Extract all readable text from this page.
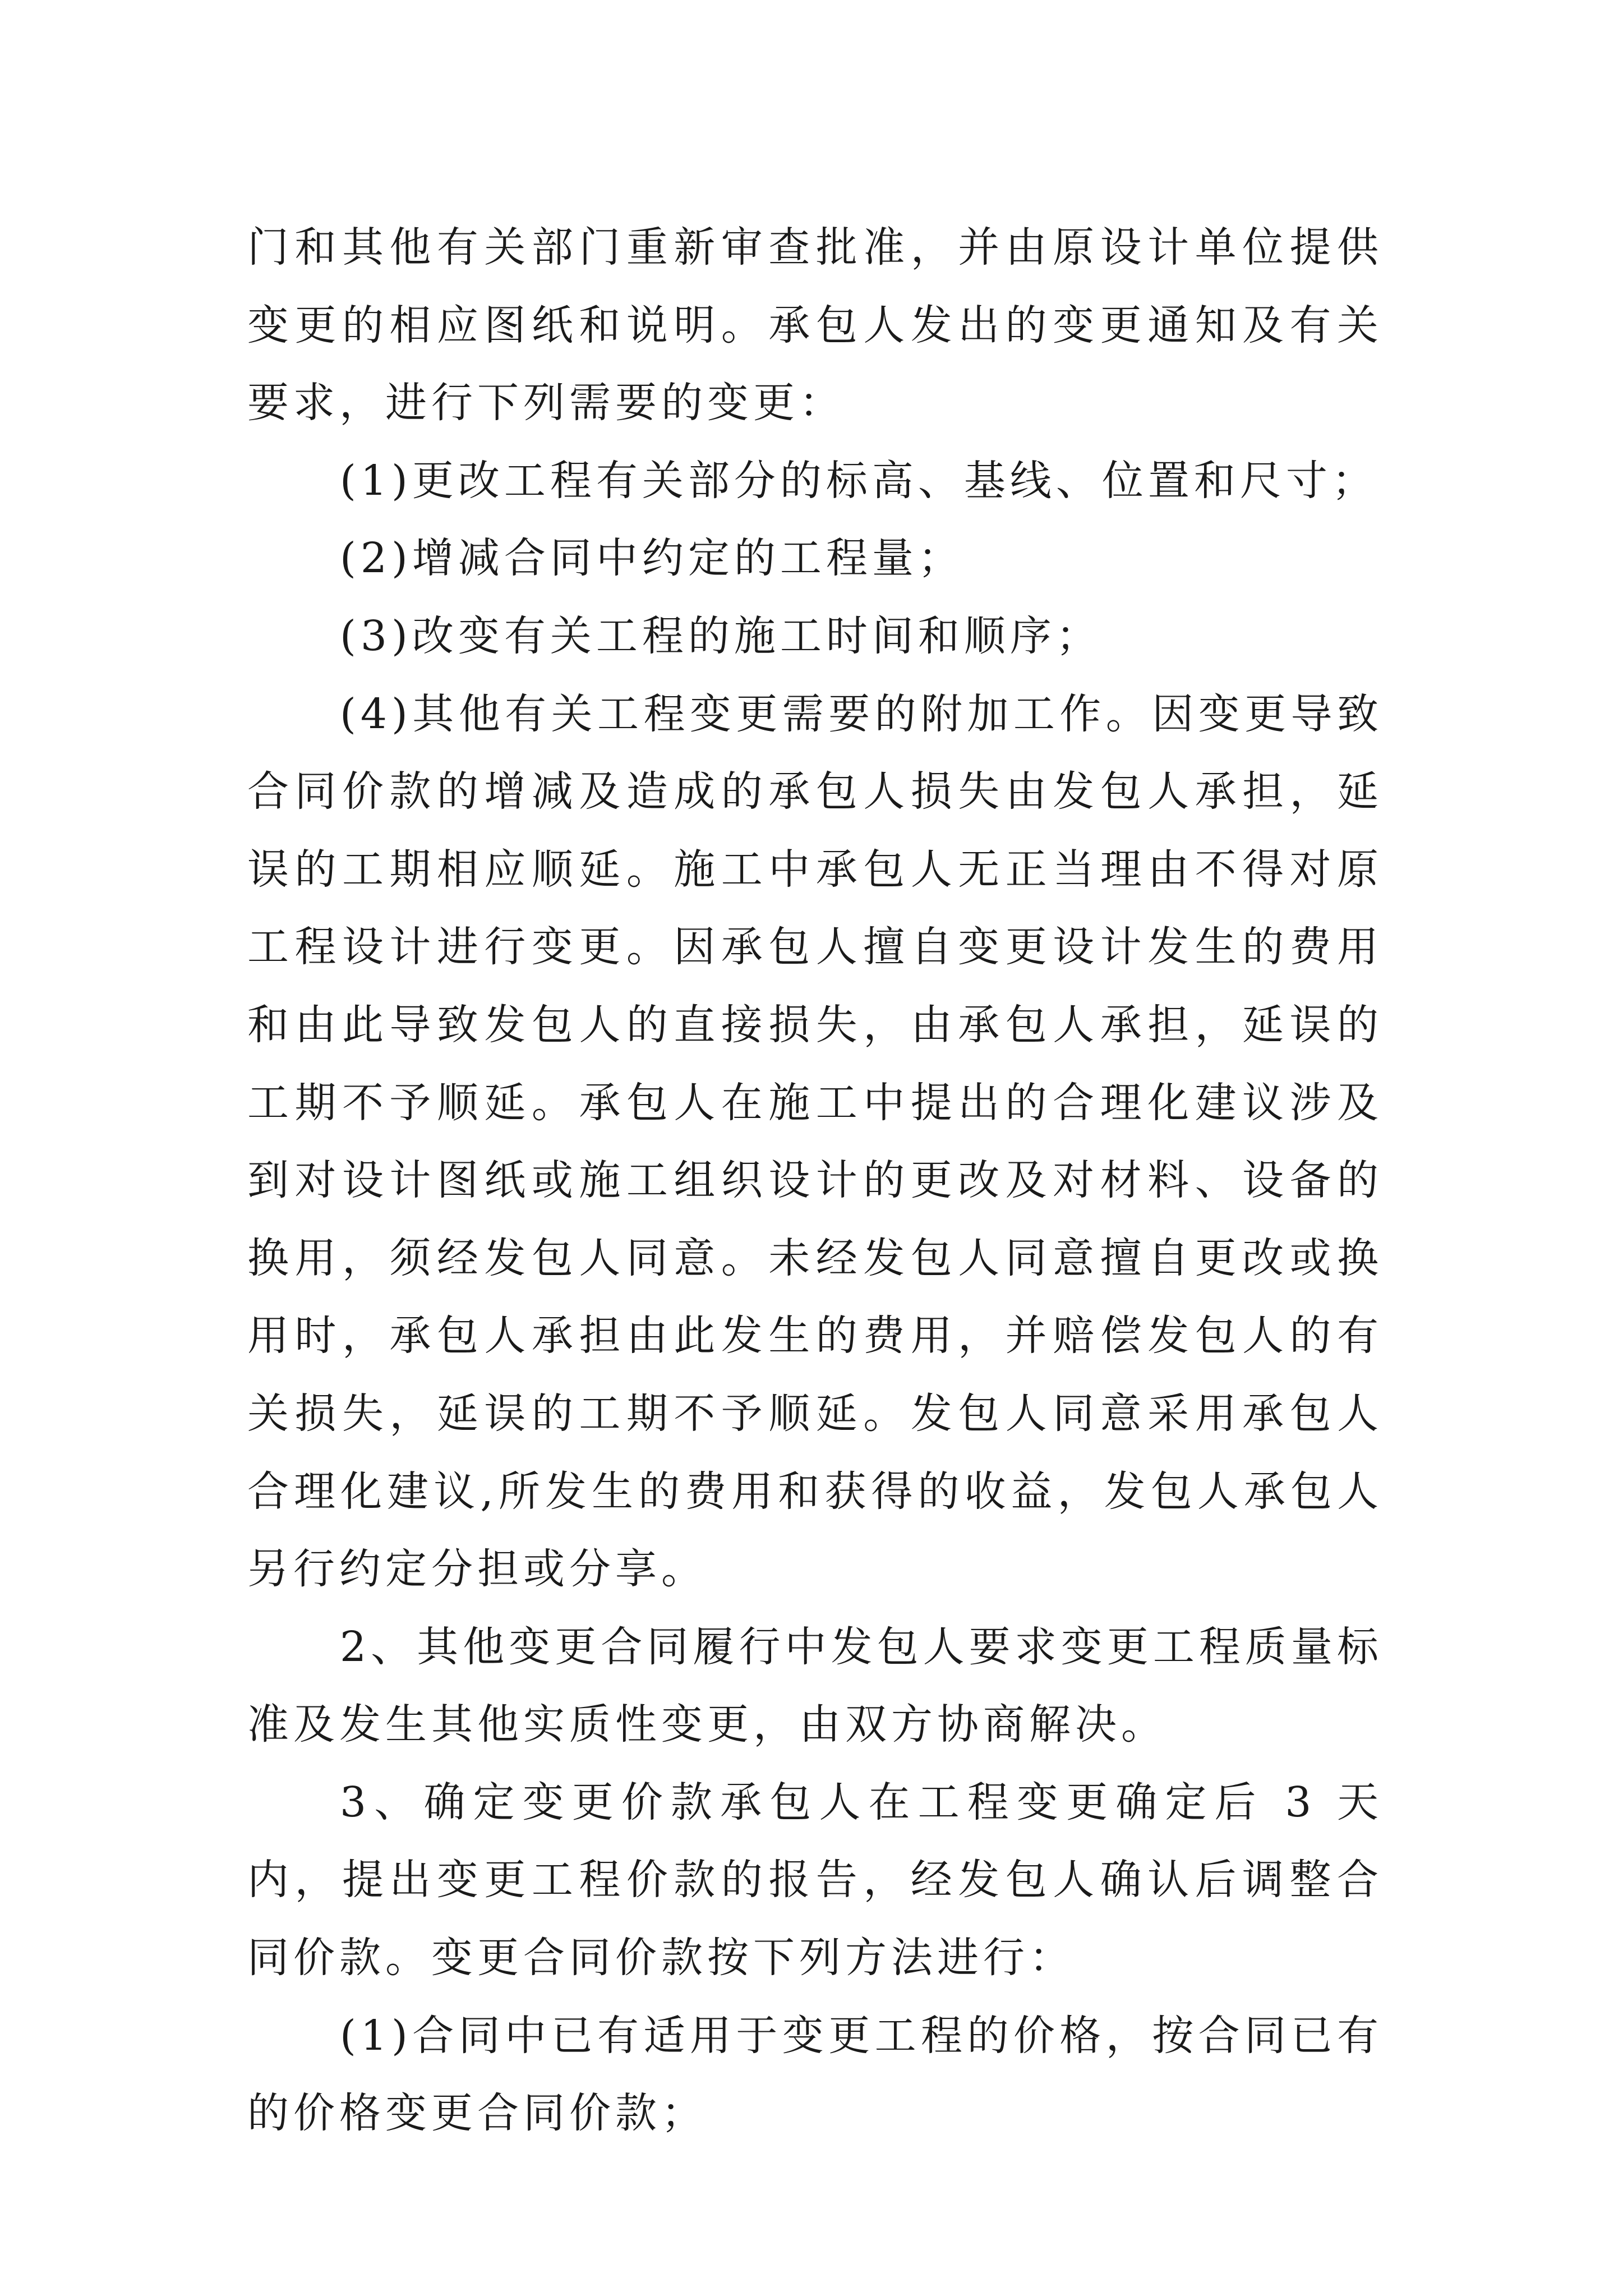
门和其他有关部门重新审查批准，并由原设计单位提供变更的相应图纸和说明。承包人发出的变更通知及有关要求，进行下列需要的变更：

(1)更改工程有关部分的标高、基线、位置和尺寸；

(2)增减合同中约定的工程量；

(3)改变有关工程的施工时间和顺序；

(4)其他有关工程变更需要的附加工作。因变更导致合同价款的增减及造成的承包人损失由发包人承担，延误的工期相应顺延。施工中承包人无正当理由不得对原工程设计进行变更。因承包人擅自变更设计发生的费用和由此导致发包人的直接损失，由承包人承担，延误的工期不予顺延。承包人在施工中提出的合理化建议涉及到对设计图纸或施工组织设计的更改及对材料、设备的换用，须经发包人同意。未经发包人同意擅自更改或换用时，承包人承担由此发生的费用，并赔偿发包人的有关损失，延误的工期不予顺延。发包人同意采用承包人合理化建议,所发生的费用和获得的收益，发包人承包人另行约定分担或分享。

2、其他变更合同履行中发包人要求变更工程质量标准及发生其他实质性变更，由双方协商解决。

3、确定变更价款承包人在工程变更确定后 3 天内，提出变更工程价款的报告，经发包人确认后调整合同价款。变更合同价款按下列方法进行：

(1)合同中已有适用于变更工程的价格，按合同已有的价格变更合同价款；
